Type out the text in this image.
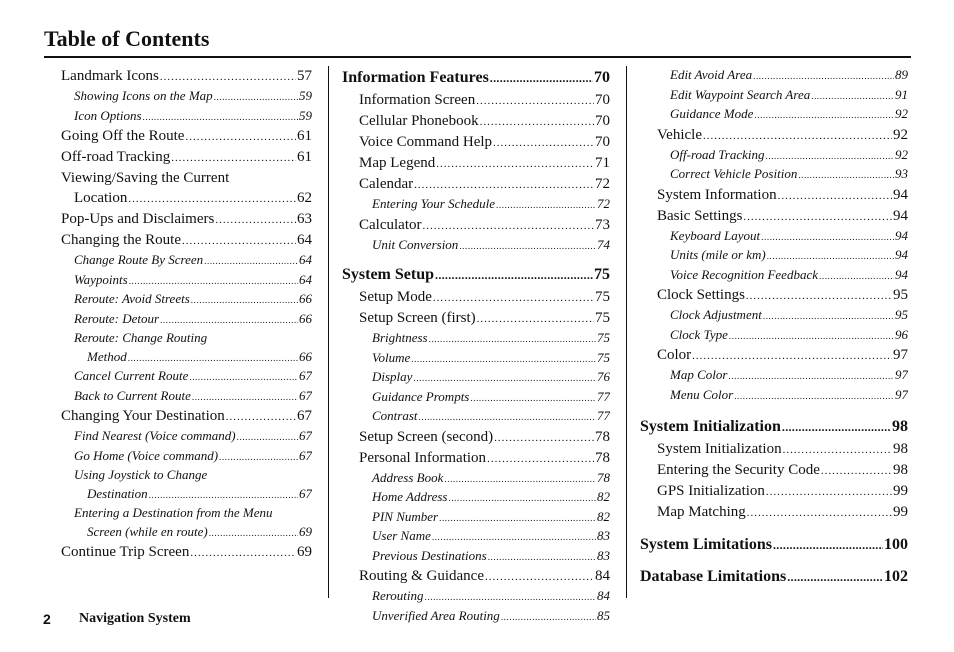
Table of Contents
Landmark Icons .....	57
Showing Icons on the Map .....	59
Icon Options .....	59
Going Off the Route .....	61
Off-road Tracking .....	61
Viewing/Saving the Current
Location .....	62
Pop-Ups and Disclaimers .....	63
Changing the Route .....	64
Change Route By Screen .....	64
Waypoints .....	64
Reroute: Avoid Streets .....	66
Reroute: Detour .....	66
Reroute: Change Routing
Method .....	66
Cancel Current Route .....	67
Back to Current Route .....	67
Changing Your Destination .....	67
Find Nearest (Voice command) .....	67
Go Home (Voice command) .....	67
Using Joystick to Change
Destination .....	67
Entering a Destination from the Menu
Screen (while en route) .....	69
Continue Trip Screen .....	69
Information Features .....	70
Information Screen .....	70
Cellular Phonebook .....	70
Voice Command Help .....	70
Map Legend .....	71
Calendar .....	72
Entering Your Schedule .....	72
Calculator .....	73
Unit Conversion .....	74
System Setup .....	75
Setup Mode .....	75
Setup Screen (first) .....	75
Brightness .....	75
Volume .....	75
Display .....	76
Guidance Prompts .....	77
Contrast .....	77
Setup Screen (second) .....	78
Personal Information .....	78
Address Book .....	78
Home Address .....	82
PIN Number .....	82
User Name .....	83
Previous Destinations .....	83
Routing & Guidance .....	84
Rerouting .....	84
Unverified Area Routing .....	85
Edit Avoid Area .....	89
Edit Waypoint Search Area .....	91
Guidance Mode .....	92
Vehicle .....	92
Off-road Tracking .....	92
Correct Vehicle Position .....	93
System Information .....	94
Basic Settings .....	94
Keyboard Layout .....	94
Units (mile or km) .....	94
Voice Recognition Feedback .....	94
Clock Settings .....	95
Clock Adjustment .....	95
Clock Type .....	96
Color .....	97
Map Color .....	97
Menu Color .....	97
System Initialization .....	98
System Initialization .....	98
Entering the Security Code .....	98
GPS Initialization .....	99
Map Matching .....	99
System Limitations .....	100
Database Limitations .....	102
2 Navigation System
